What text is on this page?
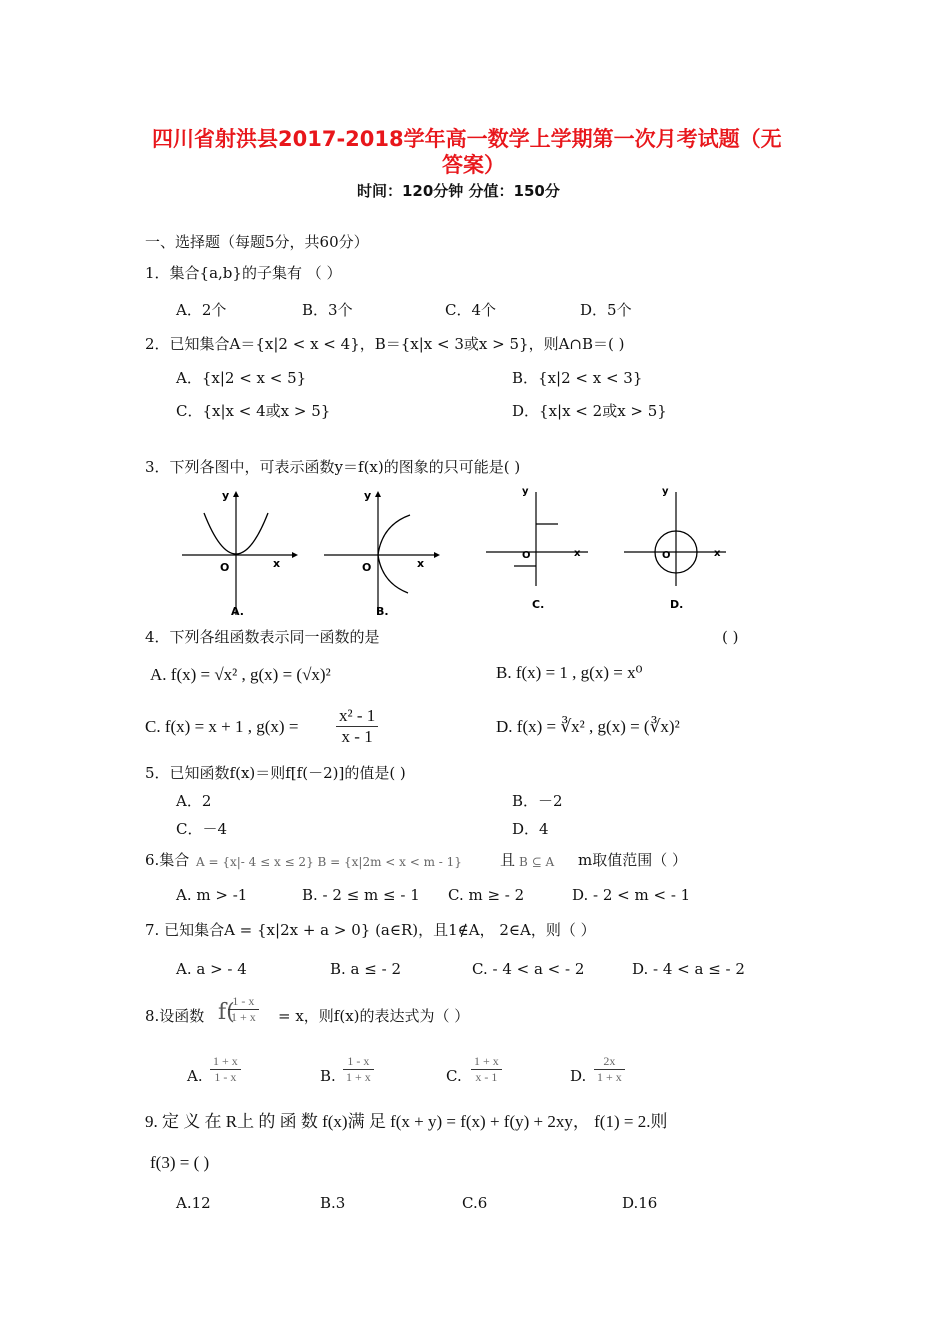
四川省射洪县2017-2018学年高一数学上学期第一次月考试题（无
答案）
时间：120分钟 分值：150分
一、选择题（每题5分，共60分）
1．集合{a,b}的子集有 （ ）
A．2个	B．3个	C．4个	D．5个
2．已知集合A＝{x|2 < x < 4}，B＝{x|x < 3或x > 5}，则A∩B＝( )
A．{x|2 < x < 5}	B．{x|2 < x < 3}
C．{x|x < 4或x > 5}	D．{x|x < 2或x > 5}
3．下列各图中，可表示函数y＝f(x)的图象的只可能是( )
y
x
O
A.
y
x
O
B.
y
x
O
C.
y
x
O
D.
4．下列各组函数表示同一函数的是	( )
A. f(x) = √x² , g(x) = (√x)²	B. f(x) = 1 , g(x) = x⁰
C. f(x) = x + 1 , $g(x) = \frac{\text{x² - 1}}{x - 1}$	D. f(x) = ∛x² , g(x) = (∛x)²
5．已知函数f(x)＝则f[f(－2)]的值是( )
A．2	B．－2
C．－4	D．4
6.集合 A = {x|- 4 ≤ x ≤ 2} B = {x|2m < x < m - 1}	且 B ⊆ A m取值范围（ ）
A. m > -1	B. - 2 ≤ m ≤ - 1 C. m ≥ - 2	D. - 2 < m < - 1
7. 已知集合A = {x|2x + a > 0} (a∈R)，且1∉A， 2∈A，则（ ）
A. a > - 4	B. a ≤ - 2	C. - 4 < a < - 2	D. - 4 < a ≤ - 2
8.设函数 f(
$\frac{1 - x}{1 + x} = x$，则f(x)的表达式为（ ）
A. $\frac{1 + x}{1 - x}$	B. $\frac{1 - x}{1 + x}$	C. $\frac{1 + x}{x - 1}$	D. $\frac{2x}{1 + x}$
9. 定 义 在 R上 的 函 数 f(x)满 足 f(x + y) = f(x) + f(y) + 2xy， f(1) = 2.则
f(3) = ( )
A.12	B.3	C.6	D.16
